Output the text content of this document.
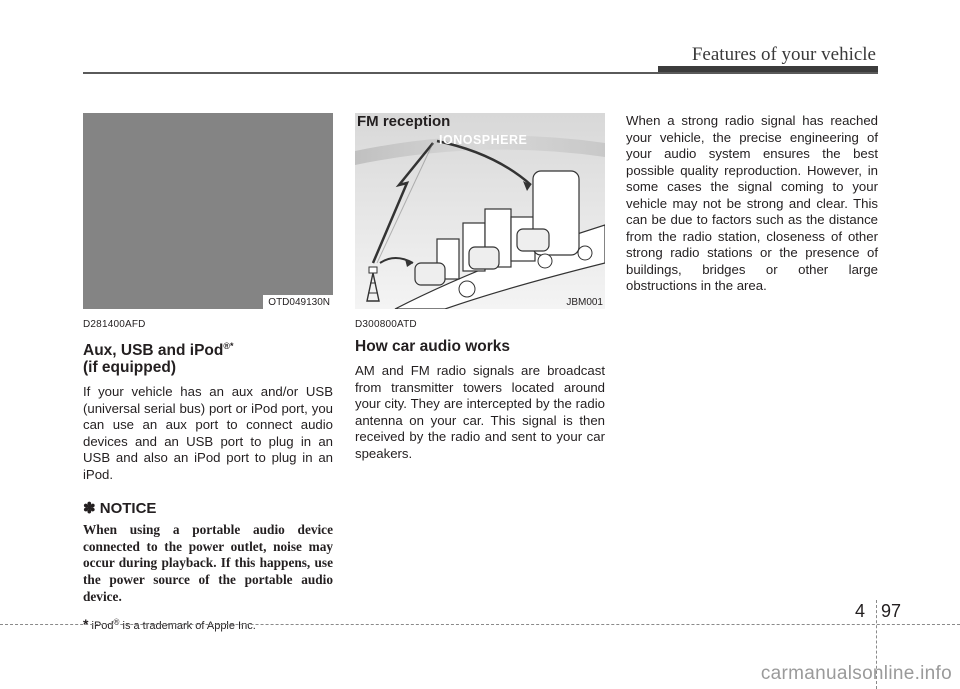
Features of your vehicle
OTD049130N
D281400AFD
Aux, USB and iPod®*
(if equipped)

If your vehicle has an aux and/or USB (universal serial bus) port or iPod port, you can use an aux port to connect audio devices and an USB port to plug in an USB and also an iPod port to plug in an iPod.

✽ NOTICE

When using a portable audio device connected to the power outlet, noise may occur during playback. If this happens, use the power source of the portable audio device.

* iPod® is a trademark of Apple Inc.
FM reception
IONOSPHERE
JBM001
D300800ATD
How car audio works

AM and FM radio signals are broadcast from transmitter towers located around your city. They are intercepted by the radio antenna on your car. This signal is then received by the radio and sent to your car speakers.

When a strong radio signal has reached your vehicle, the precise engineering of your audio system ensures the best possible quality reproduction. However, in some cases the signal coming to your vehicle may not be strong and clear. This can be due to factors such as the distance from the radio station, closeness of other strong radio stations or the presence of buildings, bridges or other large obstructions in the area.

4 97
carmanualsonline.info
